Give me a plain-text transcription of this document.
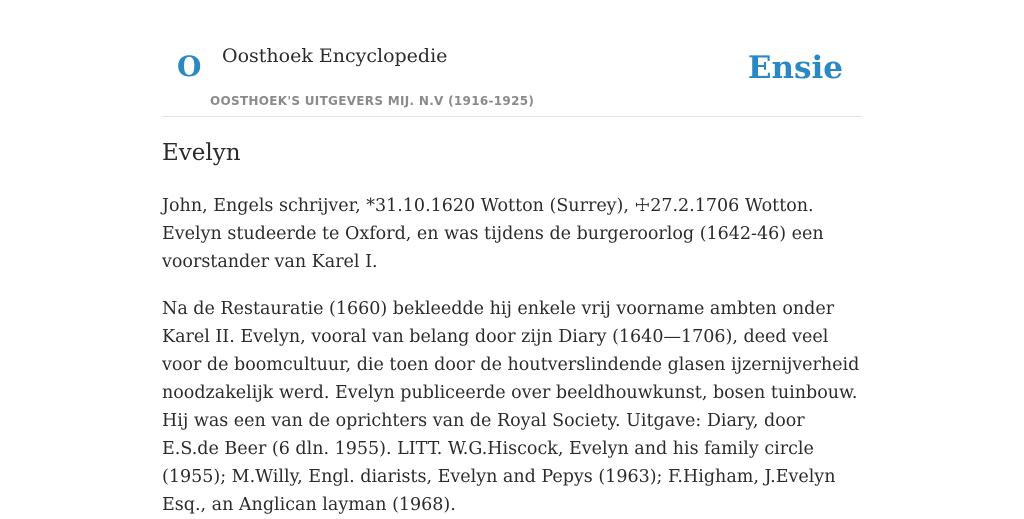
O Oosthoek Encyclopedie
OOSTHOEK'S UITGEVERS MIJ. N.V (1916-1925)
Ensie
Evelyn

John, Engels schrijver, *31.10.1620 Wotton (Surrey), ☩27.2.1706 Wotton. Evelyn studeerde te Oxford, en was tijdens de burgeroorlog (1642-46) een voorstander van Karel I.

Na de Restauratie (1660) bekleedde hij enkele vrij voorname ambten onder Karel II. Evelyn, vooral van belang door zijn Diary (1640—1706), deed veel voor de boomcultuur, die toen door de houtverslindende glasen ijzernijverheid noodzakelijk werd. Evelyn publiceerde over beeldhouwkunst, bosen tuinbouw. Hij was een van de oprichters van de Royal Society. Uitgave: Diary, door E.S.de Beer (6 dln. 1955). LITT. W.G.Hiscock, Evelyn and his family circle (1955); M.Willy, Engl. diarists, Evelyn and Pepys (1963); F.Higham, J.Evelyn Esq., an Anglican layman (1968).
